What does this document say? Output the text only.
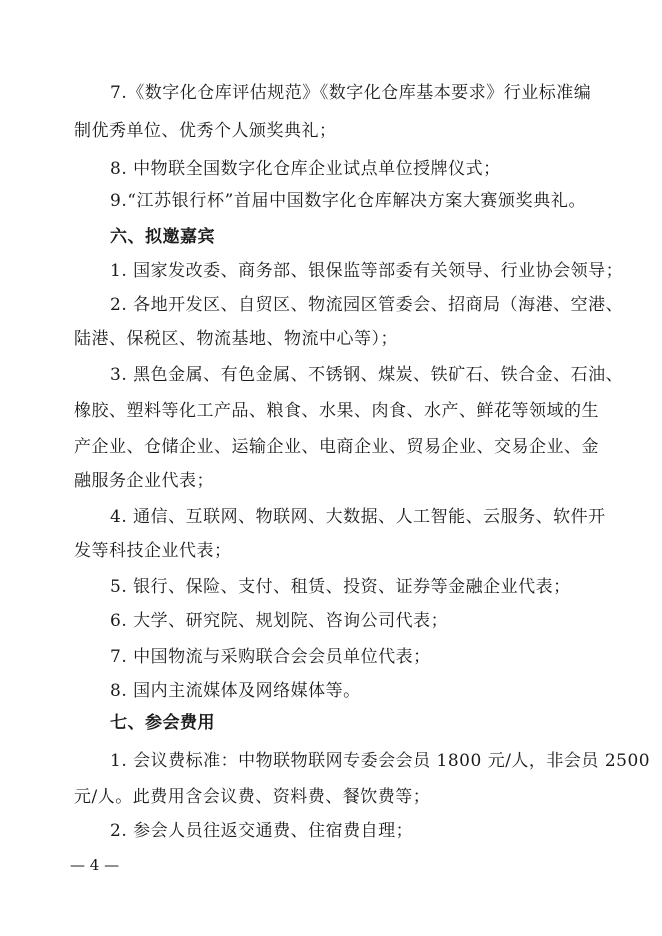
7.《数字化仓库评估规范》《数字化仓库基本要求》行业标准编
制优秀单位、优秀个人颁奖典礼；
8. 中物联全国数字化仓库企业试点单位授牌仪式；
9.“江苏银行杯”首届中国数字化仓库解决方案大赛颁奖典礼。
六、拟邀嘉宾
1. 国家发改委、商务部、银保监等部委有关领导、行业协会领导；
2. 各地开发区、自贸区、物流园区管委会、招商局（海港、空港、
陆港、保税区、物流基地、物流中心等）；
3. 黑色金属、有色金属、不锈钢、煤炭、铁矿石、铁合金、石油、
橡胶、塑料等化工产品、粮食、水果、肉食、水产、鲜花等领域的生
产企业、仓储企业、运输企业、电商企业、贸易企业、交易企业、金
融服务企业代表；
4. 通信、互联网、物联网、大数据、人工智能、云服务、软件开
发等科技企业代表；
5. 银行、保险、支付、租赁、投资、证券等金融企业代表；
6. 大学、研究院、规划院、咨询公司代表；
7. 中国物流与采购联合会会员单位代表；
8. 国内主流媒体及网络媒体等。
七、参会费用
1. 会议费标准：中物联物联网专委会会员 1800 元/人，非会员 2500
元/人。此费用含会议费、资料费、餐饮费等；
2. 参会人员往返交通费、住宿费自理；
— 4 —
